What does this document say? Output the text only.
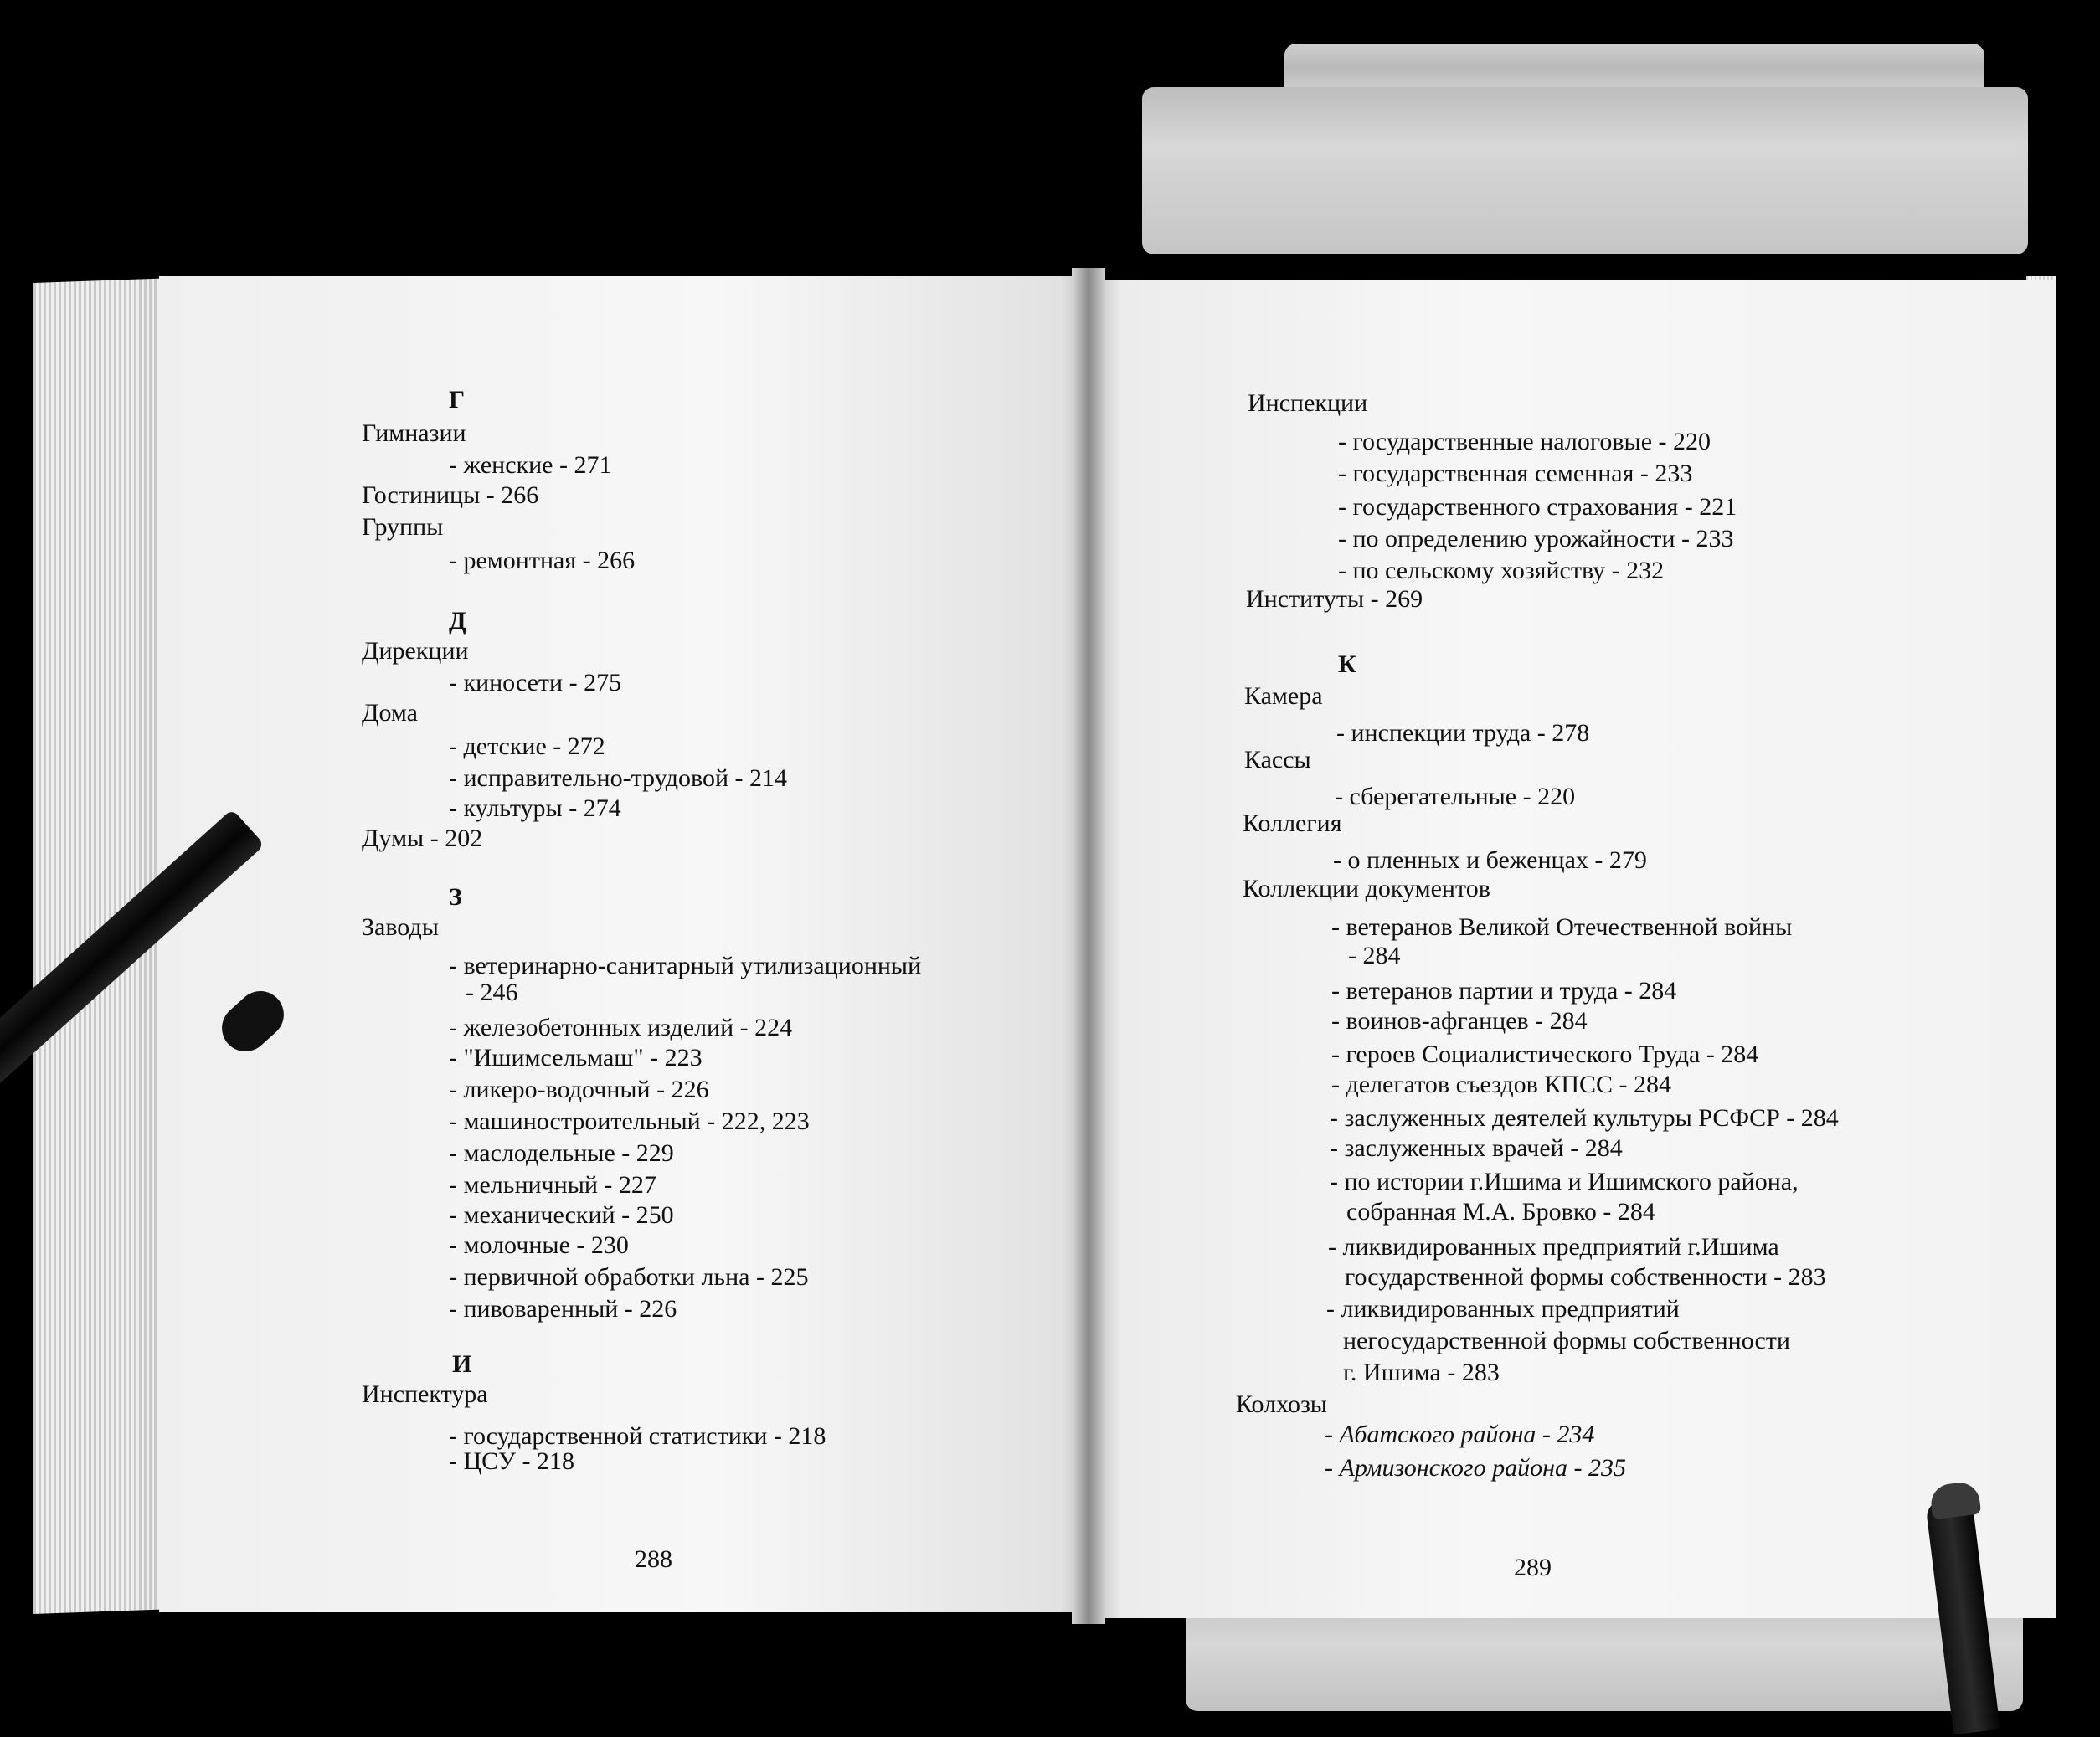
Г
Гимназии
- женские - 271
Гостиницы - 266
Группы
- ремонтная - 266
Д
Дирекции
- киносети - 275
Дома
- детские - 272
- исправительно-трудовой - 214
- культуры - 274
Думы - 202
З
Заводы
- ветеринарно-санитарный утилизационный
- 246
- железобетонных изделий - 224
- "Ишимсельмаш" - 223
- ликеро-водочный - 226
- машиностроительный - 222, 223
- маслодельные - 229
- мельничный - 227
- механический - 250
- молочные - 230
- первичной обработки льна - 225
- пивоваренный - 226
И
Инспектура
- государственной статистики - 218
- ЦСУ - 218
288
Инспекции
- государственные налоговые - 220
- государственная семенная - 233
- государственного страхования - 221
- по определению урожайности - 233
- по сельскому хозяйству - 232
Институты - 269
К
Камера
- инспекции труда - 278
Кассы
- сберегательные - 220
Коллегия
- о пленных и беженцах - 279
Коллекции документов
- ветеранов Великой Отечественной войны
- 284
- ветеранов партии и труда - 284
- воинов-афганцев - 284
- героев Социалистического Труда - 284
- делегатов съездов КПСС - 284
- заслуженных деятелей культуры РСФСР - 284
- заслуженных врачей - 284
- по истории г.Ишима и Ишимского района,
собранная М.А. Бровко - 284
- ликвидированных предприятий г.Ишима
государственной формы собственности - 283
- ликвидированных предприятий
негосударственной формы собственности
г. Ишима - 283
Колхозы
- Абатского района - 234
- Армизонского района - 235
289
